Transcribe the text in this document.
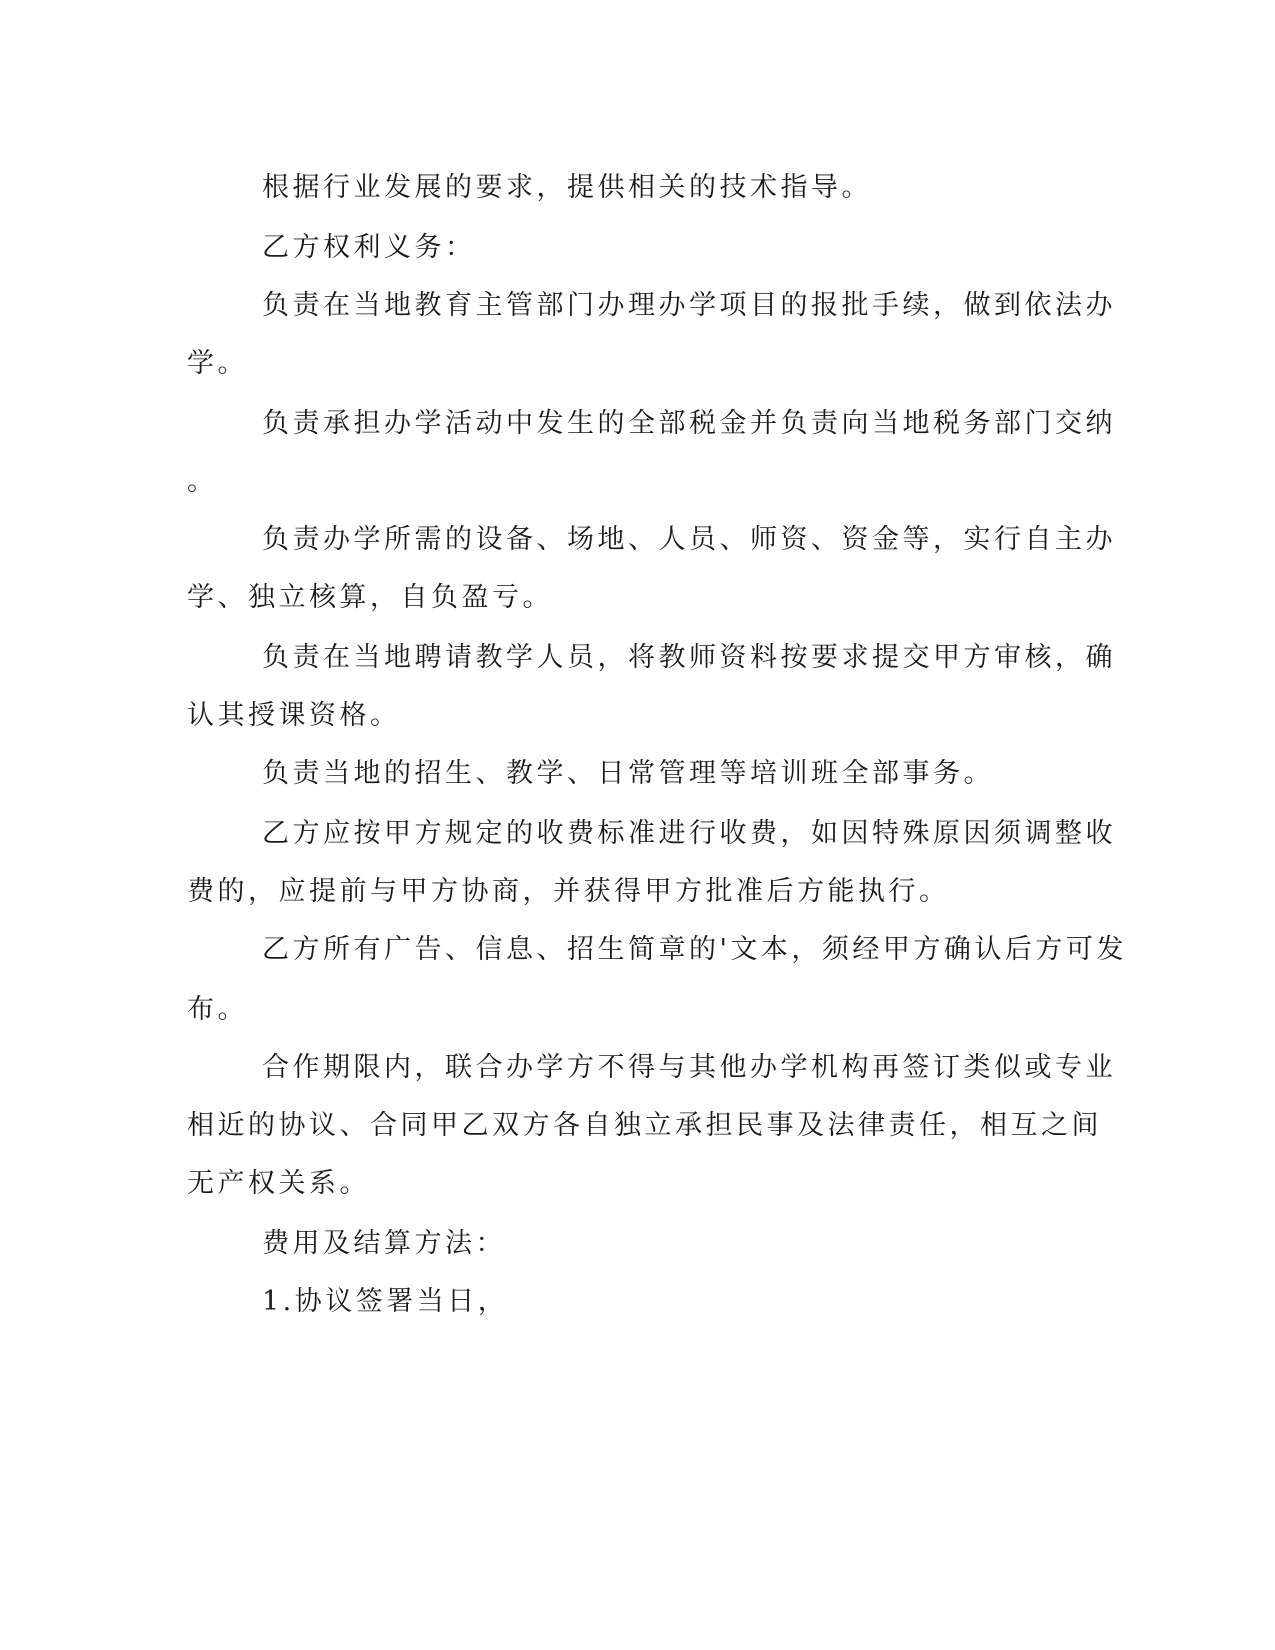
根据行业发展的要求，提供相关的技术指导。

乙方权利义务：

负责在当地教育主管部门办理办学项目的报批手续，做到依法办

学。

负责承担办学活动中发生的全部税金并负责向当地税务部门交纳

。

负责办学所需的设备、场地、人员、师资、资金等，实行自主办

学、独立核算，自负盈亏。

负责在当地聘请教学人员，将教师资料按要求提交甲方审核，确

认其授课资格。

负责当地的招生、教学、日常管理等培训班全部事务。

乙方应按甲方规定的收费标准进行收费，如因特殊原因须调整收

费的，应提前与甲方协商，并获得甲方批准后方能执行。

乙方所有广告、信息、招生简章的'文本，须经甲方确认后方可发

布。

合作期限内，联合办学方不得与其他办学机构再签订类似或专业

相近的协议、合同甲乙双方各自独立承担民事及法律责任，相互之间

无产权关系。

费用及结算方法：

1.协议签署当日，
